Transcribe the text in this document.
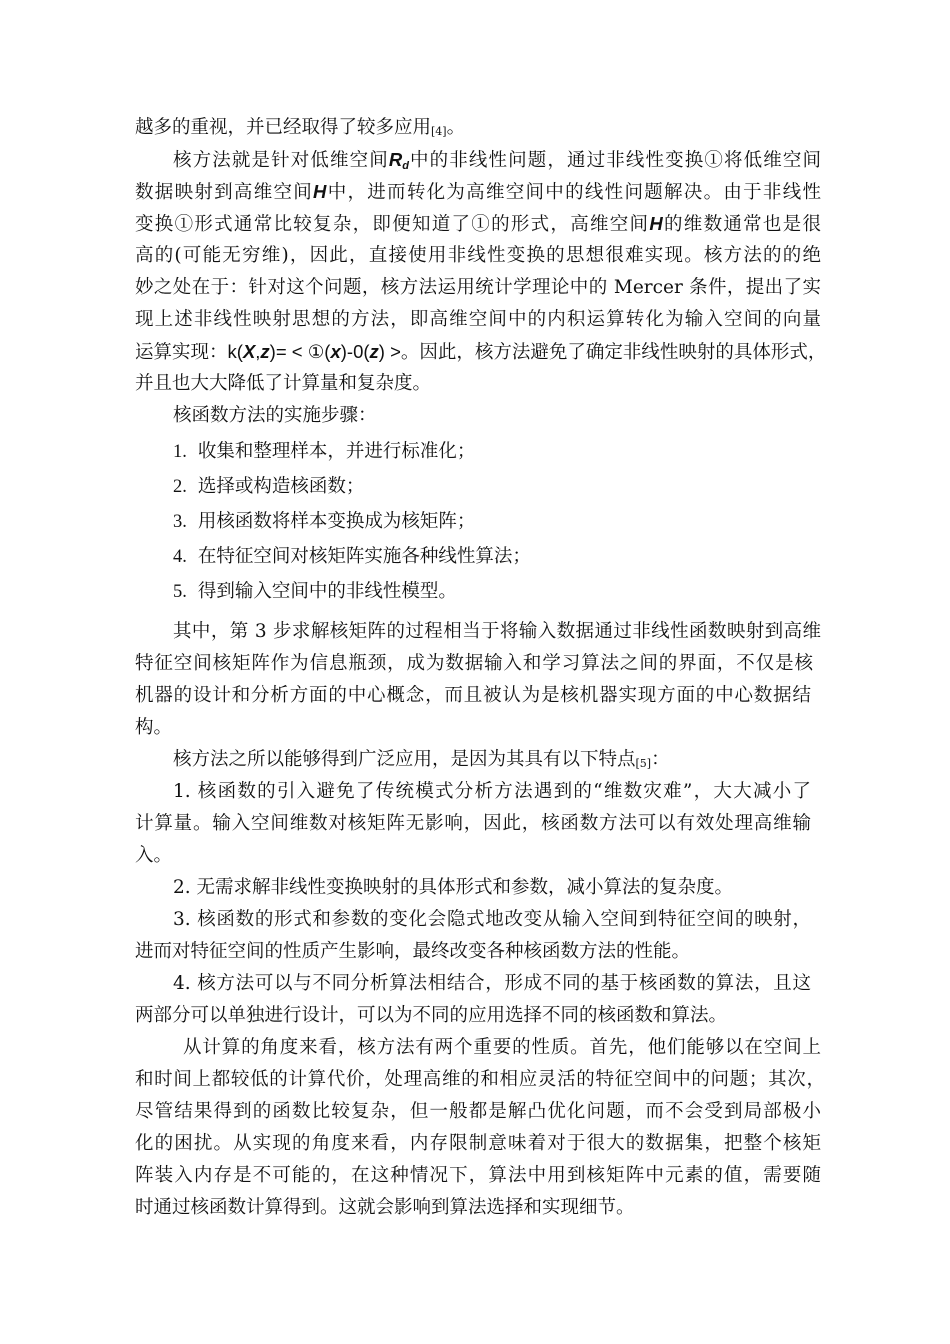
越多的重视，并已经取得了较多应用[4]。
核方法就是针对低维空间$R_d$中的非线性问题，通过非线性变换①将低维空间
数据映射到高维空间H中，进而转化为高维空间中的线性问题解决。由于非线性
变换①形式通常比较复杂，即便知道了①的形式，高维空间H的维数通常也是很
高的(可能无穷维)，因此，直接使用非线性变换的思想很难实现。核方法的的绝
妙之处在于：针对这个问题，核方法运用统计学理论中的 Mercer 条件，提出了实
现上述非线性映射思想的方法，即高维空间中的内积运算转化为输入空间的向量
运算实现：k(X,z)= < ①(x)-0(z) >。因此，核方法避免了确定非线性映射的具体形式，
并且也大大降低了计算量和复杂度。
核函数方法的实施步骤：
1. 收集和整理样本，并进行标准化；
2. 选择或构造核函数；
3. 用核函数将样本变换成为核矩阵；
4. 在特征空间对核矩阵实施各种线性算法；
5. 得到输入空间中的非线性模型。
其中，第 3 步求解核矩阵的过程相当于将输入数据通过非线性函数映射到高维
特征空间核矩阵作为信息瓶颈，成为数据输入和学习算法之间的界面，不仅是核
机器的设计和分析方面的中心概念，而且被认为是核机器实现方面的中心数据结
构。
核方法之所以能够得到广泛应用，是因为其具有以下特点[5]：
1. 核函数的引入避免了传统模式分析方法遇到的“维数灾难”，大大减小了
计算量。输入空间维数对核矩阵无影响，因此，核函数方法可以有效处理高维输
入。
2. 无需求解非线性变换映射的具体形式和参数，减小算法的复杂度。
3. 核函数的形式和参数的变化会隐式地改变从输入空间到特征空间的映射，
进而对特征空间的性质产生影响，最终改变各种核函数方法的性能。
4. 核方法可以与不同分析算法相结合，形成不同的基于核函数的算法，且这
两部分可以单独进行设计，可以为不同的应用选择不同的核函数和算法。
从计算的角度来看，核方法有两个重要的性质。首先，他们能够以在空间上
和时间上都较低的计算代价，处理高维的和相应灵活的特征空间中的问题；其次，
尽管结果得到的函数比较复杂，但一般都是解凸优化问题，而不会受到局部极小
化的困扰。从实现的角度来看，内存限制意味着对于很大的数据集，把整个核矩
阵装入内存是不可能的，在这种情况下，算法中用到核矩阵中元素的值，需要随
时通过核函数计算得到。这就会影响到算法选择和实现细节。
